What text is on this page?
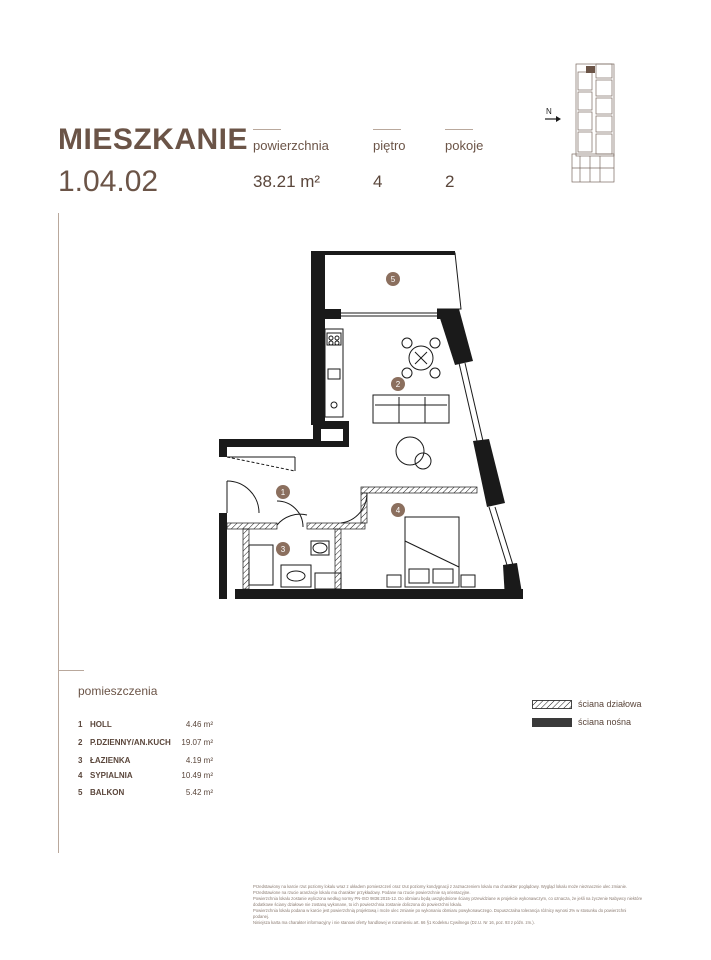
MIESZKANIE
1.04.02
powierzchnia
38.21 m²
piętro
4
pokoje
2
N
5
2
1
4
3
pomieszczenia
1 HOLL	4.46 m²
2 P.DZIENNY/AN.KUCH 19.07 m²
3 ŁAZIENKA	4.19 m²
4 SYPIALNIA	10.49 m²
5 BALKON	5.42 m²
ściana działowa
ściana nośna

Przedstawiony na karcie rzut poziomy lokalu wraz z układem pomieszczeń oraz rzut poziomy kondygnacji z zaznaczeniem lokalu ma charakter poglądowy. Wygląd lokalu może nieznacznie ulec zmianie.

Przedstawione na rzucie aranżacje lokalu ma charakter przykładowy. Podane na rzucie powierzchnie są orientacyjne.

Powierzchnia lokalu zostanie wyliczona według normy PN-ISO 9836:2015-12. Do obmiaru będą uwzględnione ściany przewidziane w projekcie wykonawczym, co oznacza, że jeśli na życzenie Nabywcy niektóre dodatkowe ściany działowe nie zostaną wykonane, to ich powierzchnia zostanie doliczona do powierzchni lokalu.

Powierzchnia lokalu podana w karcie jest powierzchnią projektową i może ulec zmianie po wykonaniu obmiaru powykonawczego. Dopuszczalna tolerancja różnicy wynosi 2% w stosunku do powierzchni podanej.

Niniejsza karta ma charakter informacyjny i nie stanowi oferty handlowej w rozumieniu art. 66 §1 Kodeksu Cywilnego (Dz.U. Nr 16, poz. 93 z późn. zm.).
